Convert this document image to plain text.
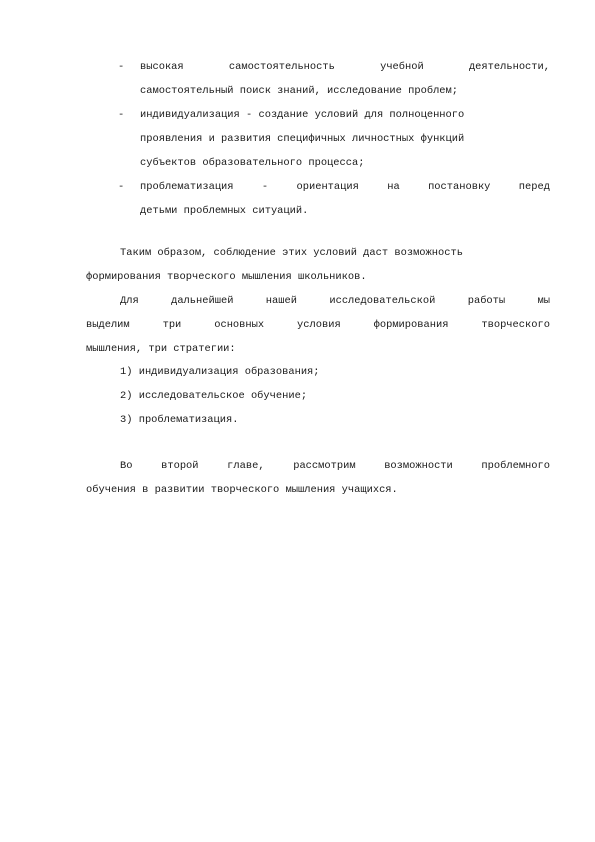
- высокая	самостоятельность	учебной	деятельности,
самостоятельный поиск знаний, исследование проблем;
- индивидуализация - создание условий для полноценного
проявления и развития специфичных личностных функций
субъектов образовательного процесса;
- проблематизация	-	ориентация	на	постановку	перед
детьми проблемных ситуаций.
Таким образом, соблюдение этих условий даст возможность
формирования творческого мышления школьников.
Для	дальнейшей	нашей	исследовательской	работы	мы
выделим	три	основных	условия	формирования	творческого
мышления, три стратегии:
1) индивидуализация образования;
2) исследовательское обучение;
3) проблематизация.
Во	второй	главе,	рассмотрим	возможности	проблемного
обучения в развитии творческого мышления учащихся.
